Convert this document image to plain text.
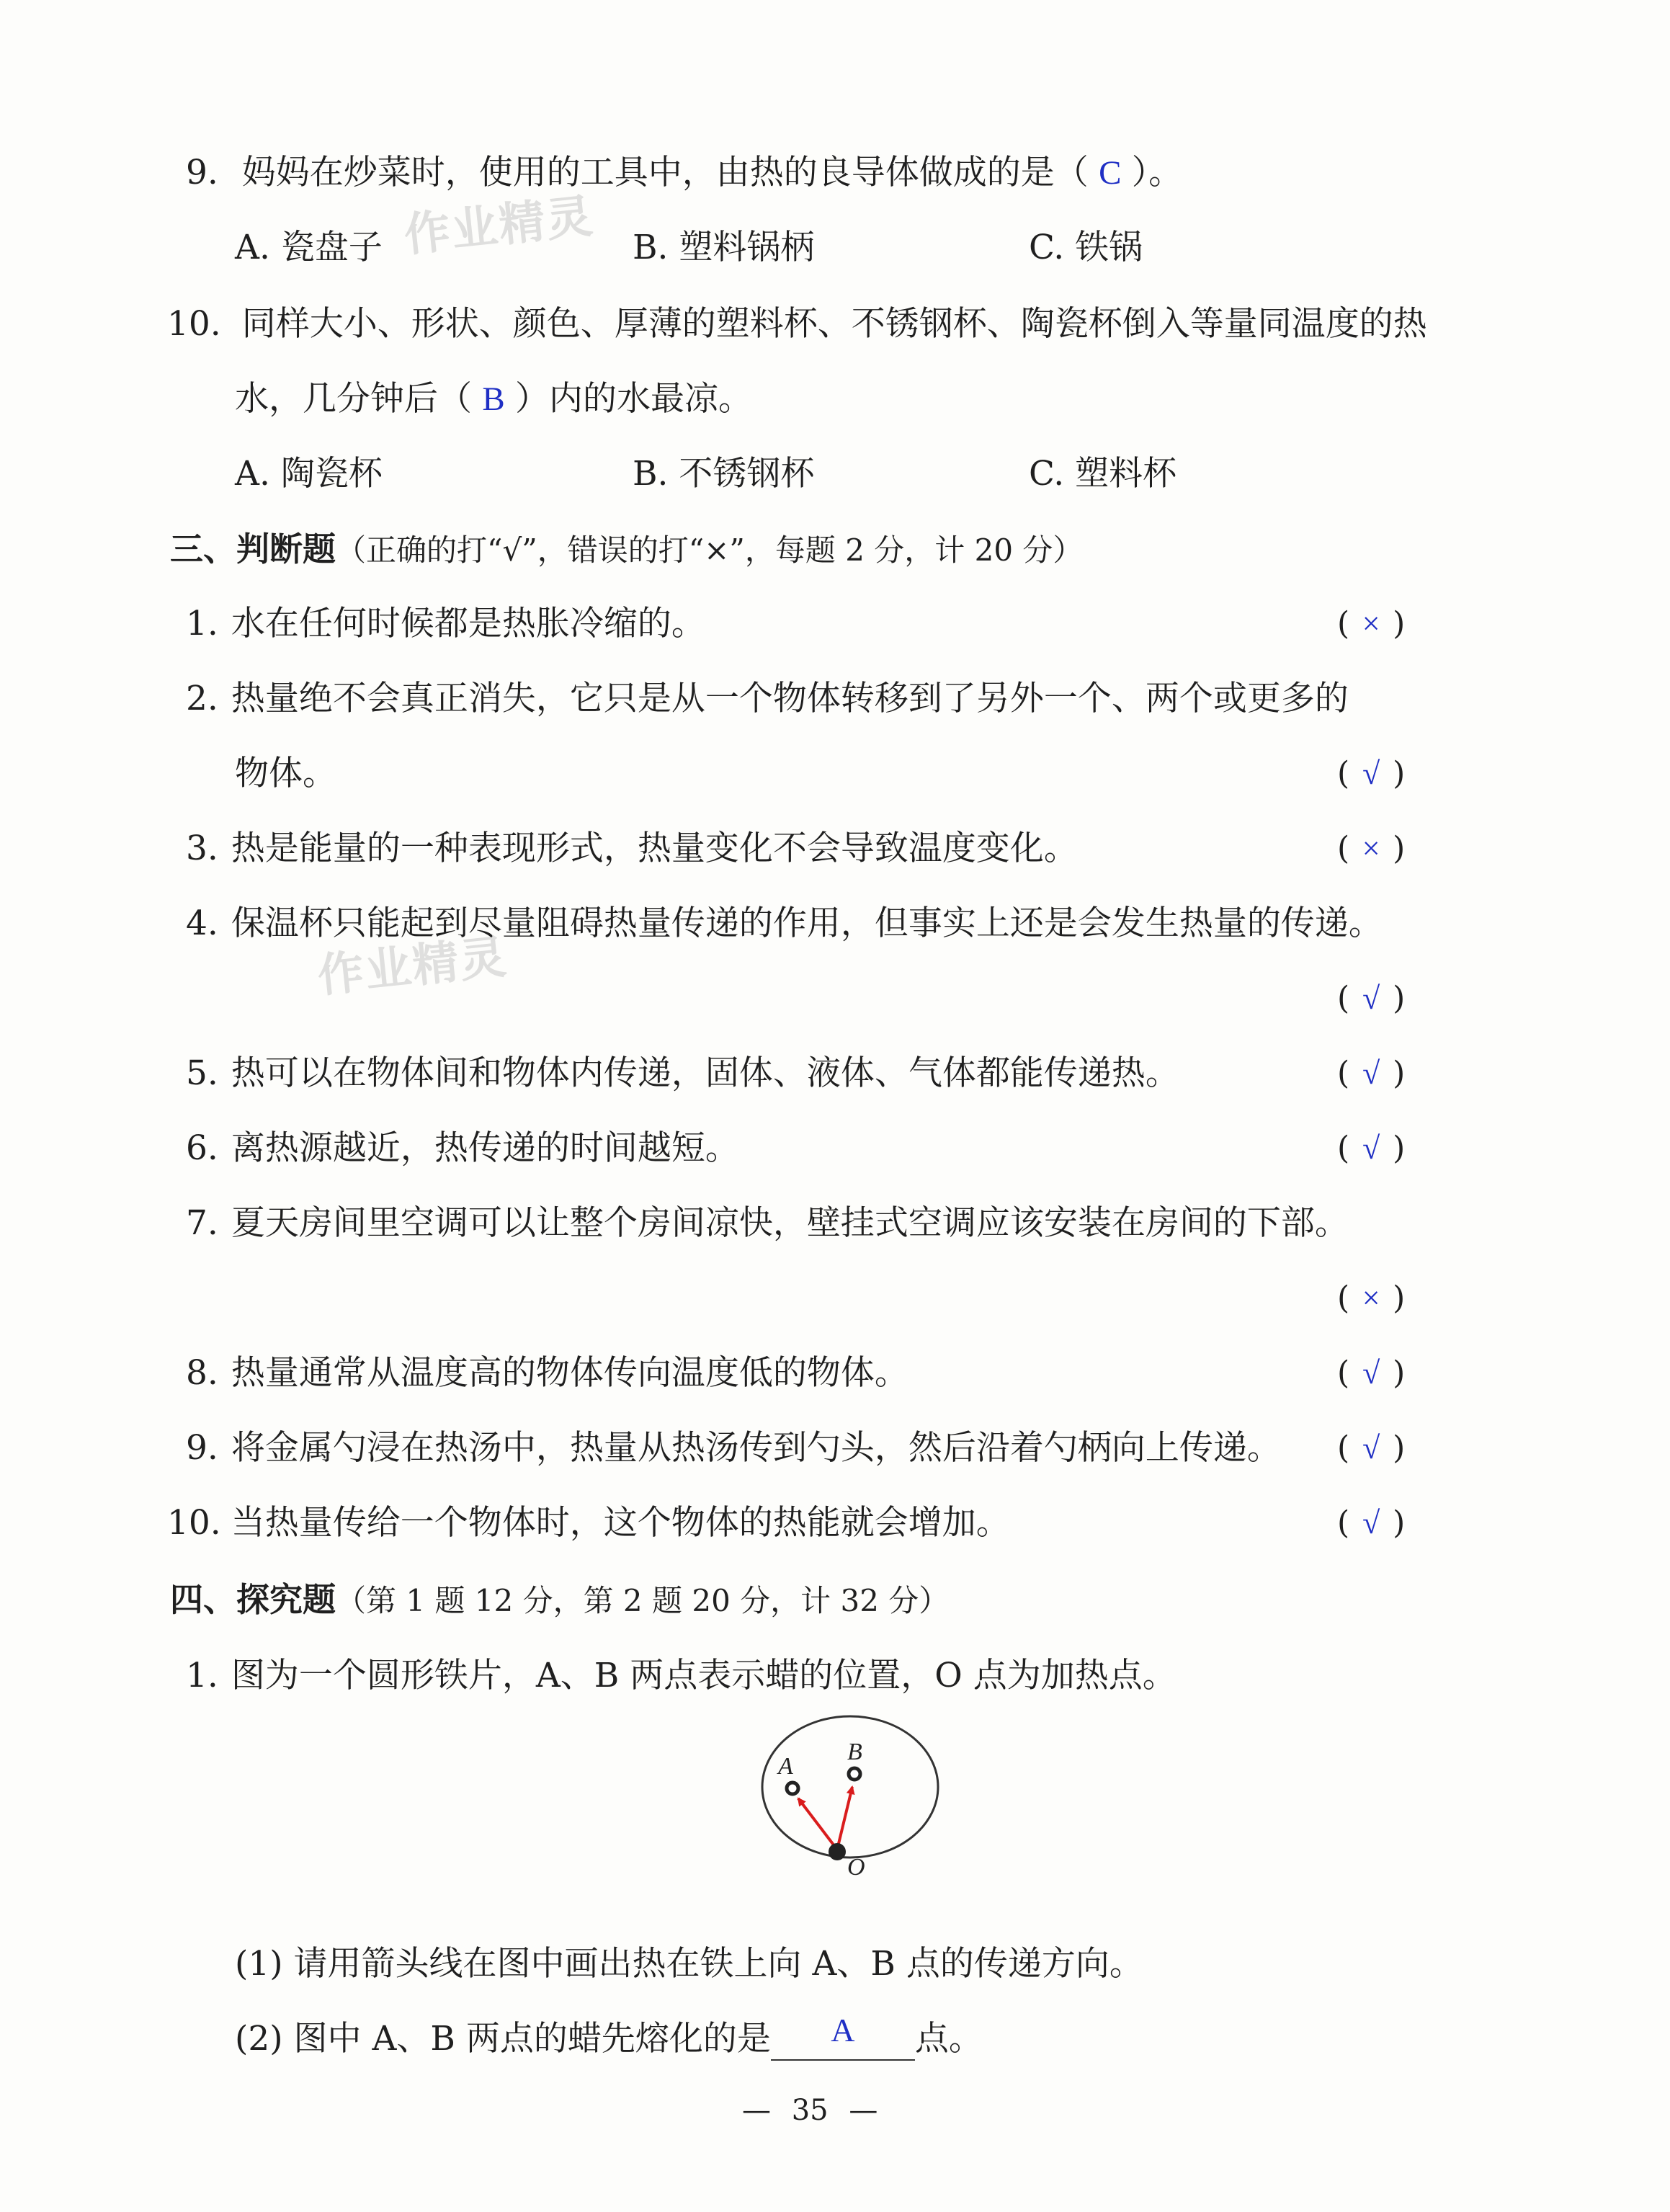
作业精灵
作业精灵
9. 妈妈在炒菜时，使用的工具中，由热的良导体做成的是（ C ）。
A. 瓷盘子	B. 塑料锅柄	C. 铁锅
10. 同样大小、形状、颜色、厚薄的塑料杯、不锈钢杯、陶瓷杯倒入等量同温度的热
水，几分钟后（ B ）内的水最凉。
A. 陶瓷杯	B. 不锈钢杯	C. 塑料杯
三、判断题（正确的打“√”，错误的打“×”，每题 2 分，计 20 分）
1. 水在任何时候都是热胀冷缩的。	( × )
2. 热量绝不会真正消失，它只是从一个物体转移到了另外一个、两个或更多的
物体。	( √ )
3. 热是能量的一种表现形式，热量变化不会导致温度变化。	( × )
4. 保温杯只能起到尽量阻碍热量传递的作用，但事实上还是会发生热量的传递。
( √ )
5. 热可以在物体间和物体内传递，固体、液体、气体都能传递热。	( √ )
6. 离热源越近，热传递的时间越短。	( √ )
7. 夏天房间里空调可以让整个房间凉快，壁挂式空调应该安装在房间的下部。
( × )
8. 热量通常从温度高的物体传向温度低的物体。	( √ )
9. 将金属勺浸在热汤中，热量从热汤传到勺头，然后沿着勺柄向上传递。 ( √ )
10. 当热量传给一个物体时，这个物体的热能就会增加。	( √ )
四、探究题（第 1 题 12 分，第 2 题 20 分，计 32 分）
1. 图为一个圆形铁片，A、B 两点表示蜡的位置，O 点为加热点。
A
B
O
(1) 请用箭头线在图中画出热在铁上向 A、B 点的传递方向。
(2) 图中 A、B 两点的蜡先熔化的是	A	点。
— 35 —
